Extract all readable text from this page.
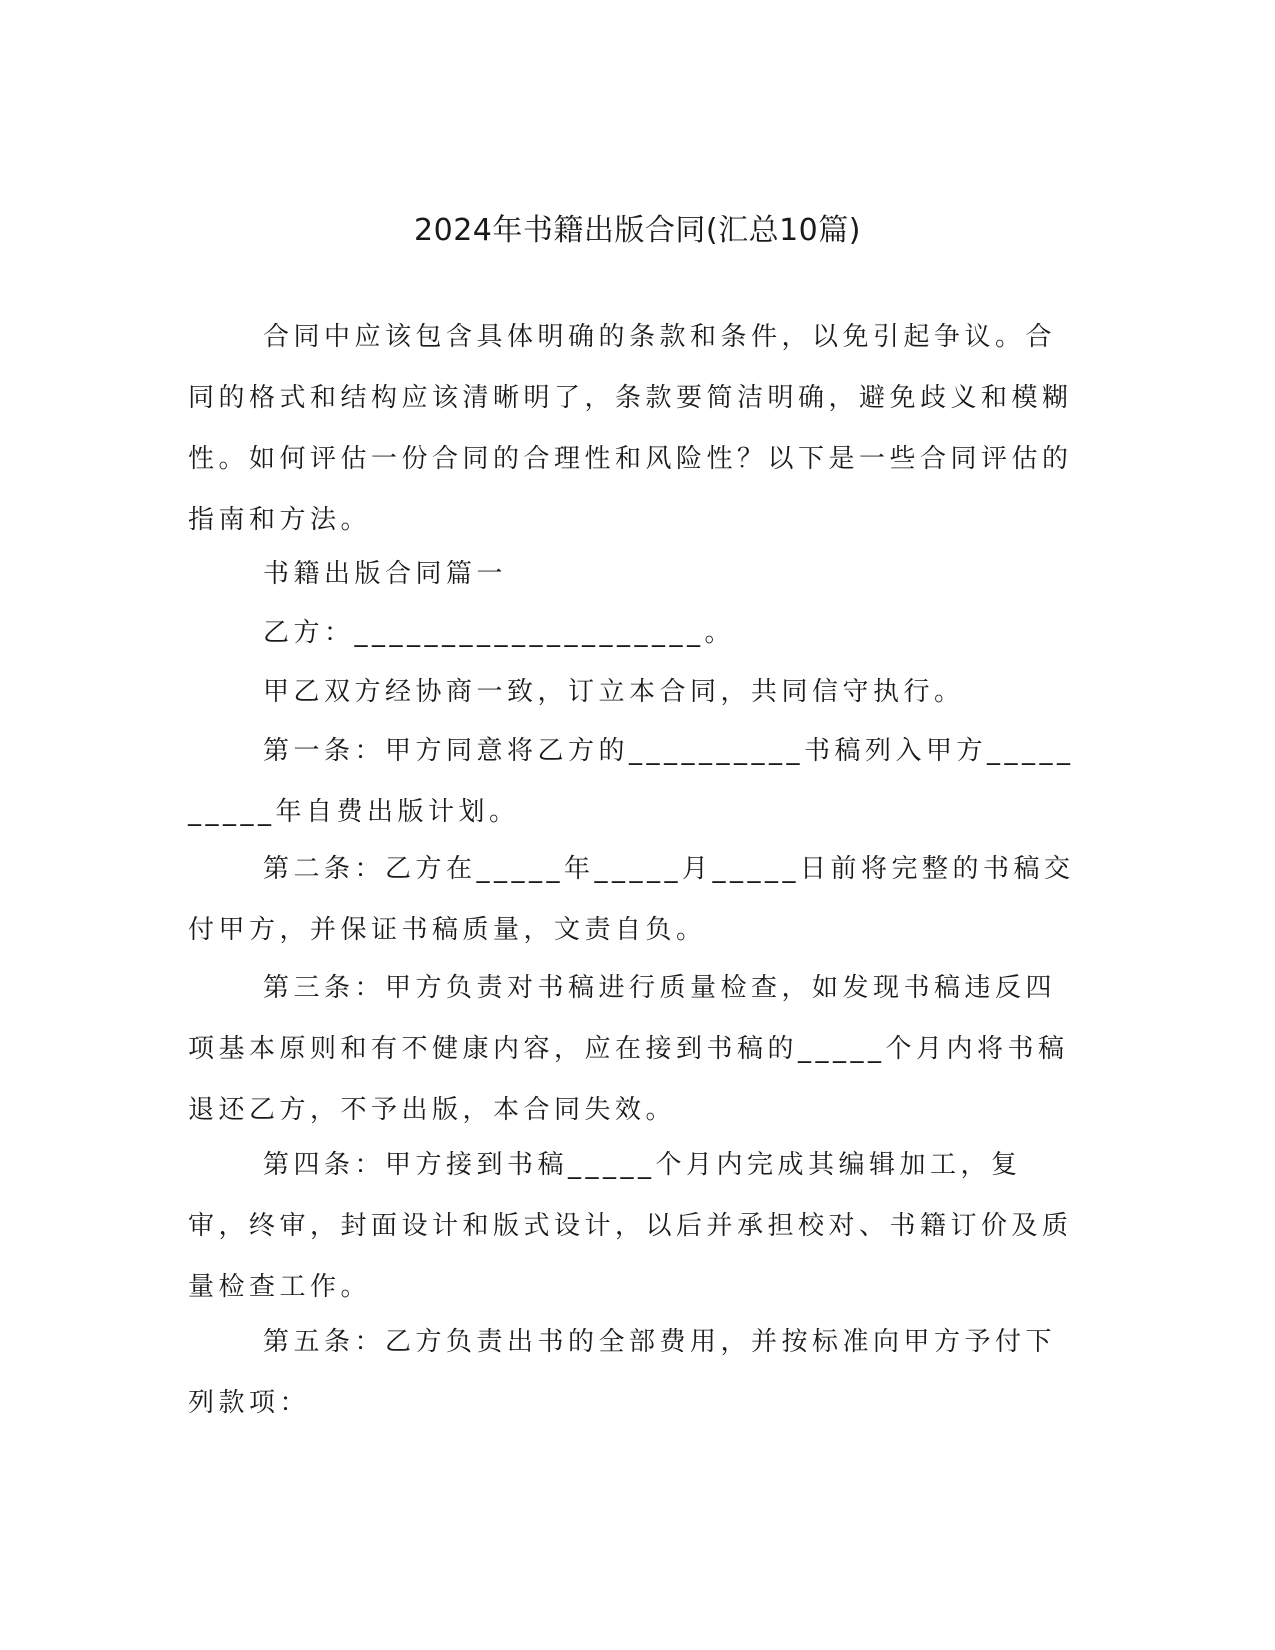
2024年书籍出版合同(汇总10篇)
合同中应该包含具体明确的条款和条件，以免引起争议。合同的格式和结构应该清晰明了，条款要简洁明确，避免歧义和模糊性。如何评估一份合同的合理性和风险性？以下是一些合同评估的指南和方法。
书籍出版合同篇一
乙方：____________________。
甲乙双方经协商一致，订立本合同，共同信守执行。
第一条：甲方同意将乙方的__________书稿列入甲方__________年自费出版计划。
第二条：乙方在_____年_____月_____日前将完整的书稿交付甲方，并保证书稿质量，文责自负。
第三条：甲方负责对书稿进行质量检查，如发现书稿违反四项基本原则和有不健康内容，应在接到书稿的_____个月内将书稿退还乙方，不予出版，本合同失效。
第四条：甲方接到书稿_____个月内完成其编辑加工，复审，终审，封面设计和版式设计，以后并承担校对、书籍订价及质量检查工作。
第五条：乙方负责出书的全部费用，并按标准向甲方予付下列款项：
